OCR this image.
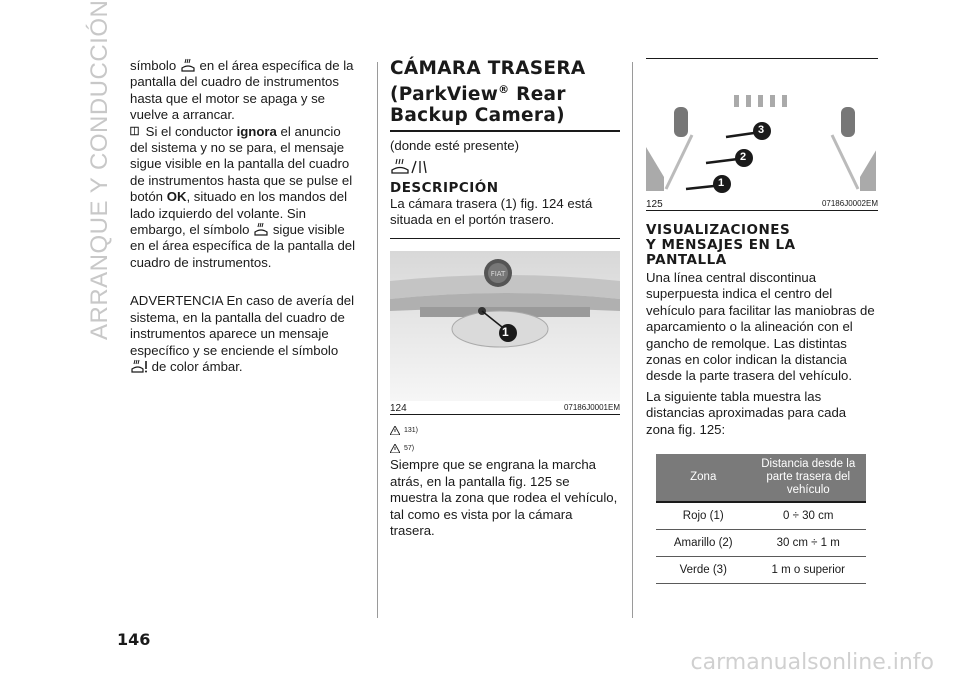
ARRANQUE Y CONDUCCIÓN símbolo en el área específica de la pantalla del cuadro de instrumentos hasta que el motor se apaga y se vuelve a arrancar.

Si el conductor ignora el anuncio del sistema y no se para, el mensaje sigue visible en la pantalla del cuadro de instrumentos hasta que se pulse el botón OK, situado en los mandos del lado izquierdo del volante. Sin embargo, el símbolo sigue visible en el área específica de la pantalla del cuadro de instrumentos.

ADVERTENCIA En caso de avería del sistema, en la pantalla del cuadro de instrumentos aparece un mensaje específico y se enciende el símbolo  de color ámbar.

CÁMARA TRASERA
(ParkView® Rear
Backup Camera)

(donde esté presente)

DESCRIPCIÓN

La cámara trasera (1) fig. 124 está situada en el portón trasero.

FIAT
1
124	07186J0001EM
131)
57)

Siempre que se engrana la marcha atrás, en la pantalla fig. 125 se muestra la zona que rodea el vehículo, tal como es vista por la cámara trasera.

3
2
1
125	07186J0002EM
VISUALIZACIONES
Y MENSAJES EN LA
PANTALLA

Una línea central discontinua superpuesta indica el centro del vehículo para facilitar las maniobras de aparcamiento o la alineación con el gancho de remolque. Las distintas zonas en color indican la distancia desde la parte trasera del vehículo.

La siguiente tabla muestra las distancias aproximadas para cada zona fig. 125:

Zona	Distancia desde la parte trasera del vehículo
Rojo (1)	0 ÷ 30 cm
Amarillo (2)	30 cm ÷ 1 m
Verde (3)	1 m o superior
146
carmanualsonline.info
